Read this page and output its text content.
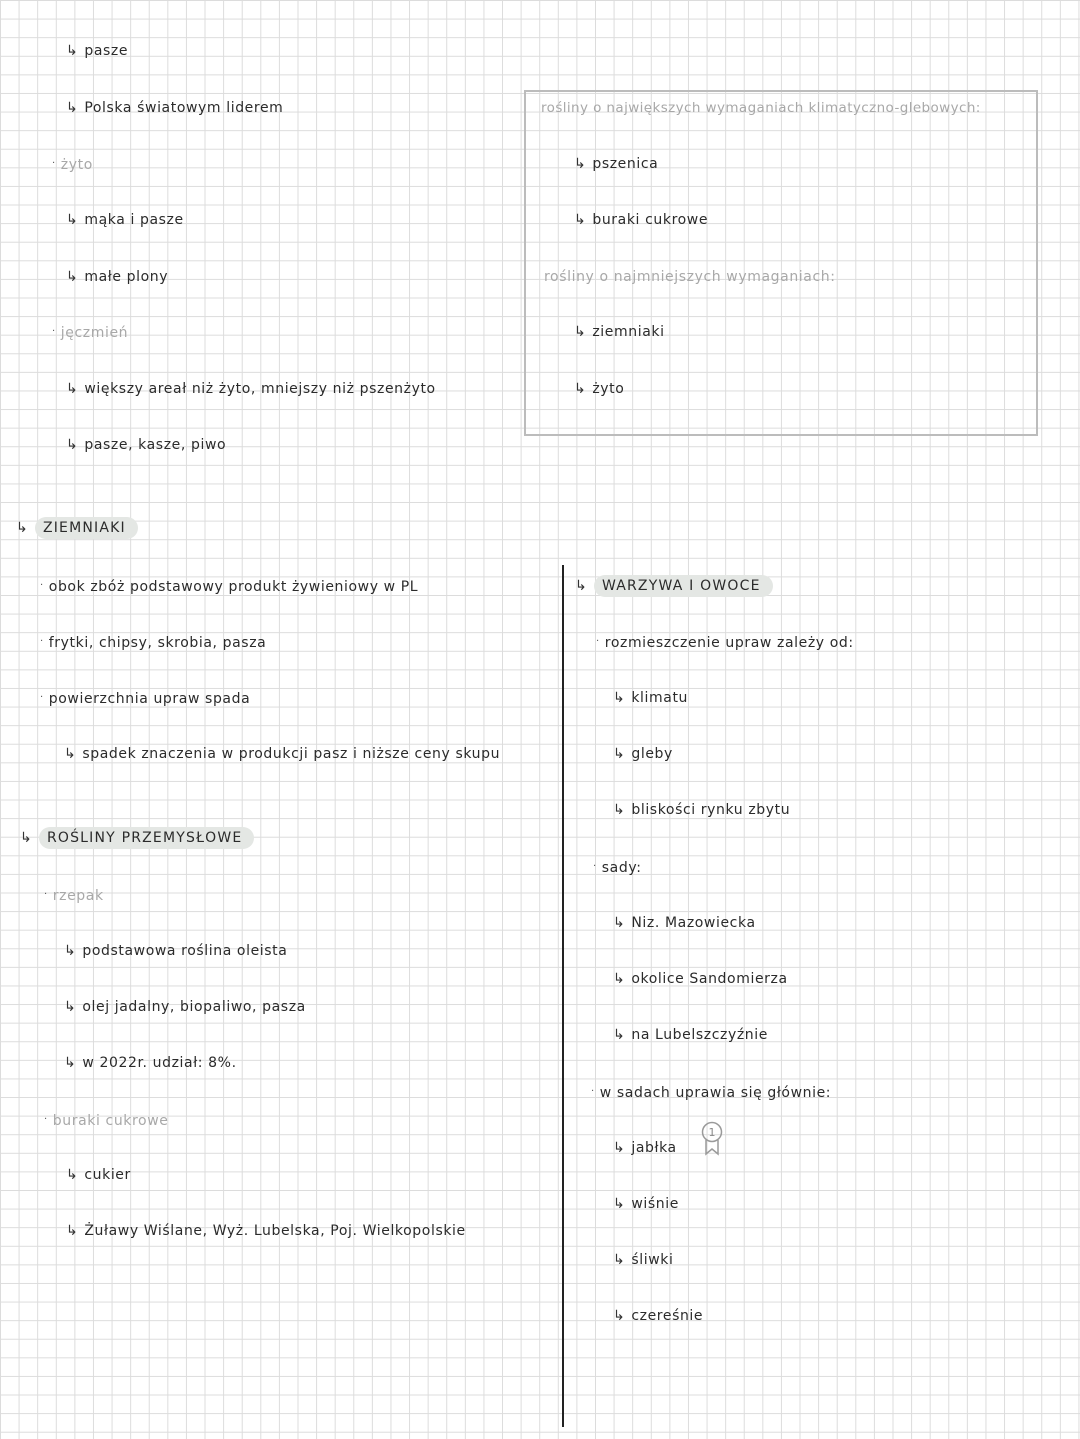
↳ pasze
↳ Polska światowym liderem
· żyto
↳ mąka i pasze
↳ małe plony
· jęczmień
↳ większy areał niż żyto, mniejszy niż pszenżyto
↳ pasze, kasze, piwo
rośliny o największych wymaganiach klimatyczno-glebowych:
↳ pszenica
↳ buraki cukrowe
rośliny o najmniejszych wymaganiach:
↳ ziemniaki
↳ żyto
↳ ZIEMNIAKI
· obok zbóż podstawowy produkt żywieniowy w PL
· frytki, chipsy, skrobia, pasza
· powierzchnia upraw spada
↳ spadek znaczenia w produkcji pasz i niższe ceny skupu
↳ ROŚLINY PRZEMYSŁOWE
· rzepak
↳ podstawowa roślina oleista
↳ olej jadalny, biopaliwo, pasza
↳ w 2022r. udział: 8%.
· buraki cukrowe
↳ cukier
↳ Żuławy Wiślane, Wyż. Lubelska, Poj. Wielkopolskie
↳ WARZYWA I OWOCE
· rozmieszczenie upraw zależy od:
↳ klimatu
↳ gleby
↳ bliskości rynku zbytu
· sady:
↳ Niz. Mazowiecka
↳ okolice Sandomierza
↳ na Lubelszczyźnie
· w sadach uprawia się głównie:
↳ jabłka
↳ wiśnie
↳ śliwki
↳ czereśnie
1
